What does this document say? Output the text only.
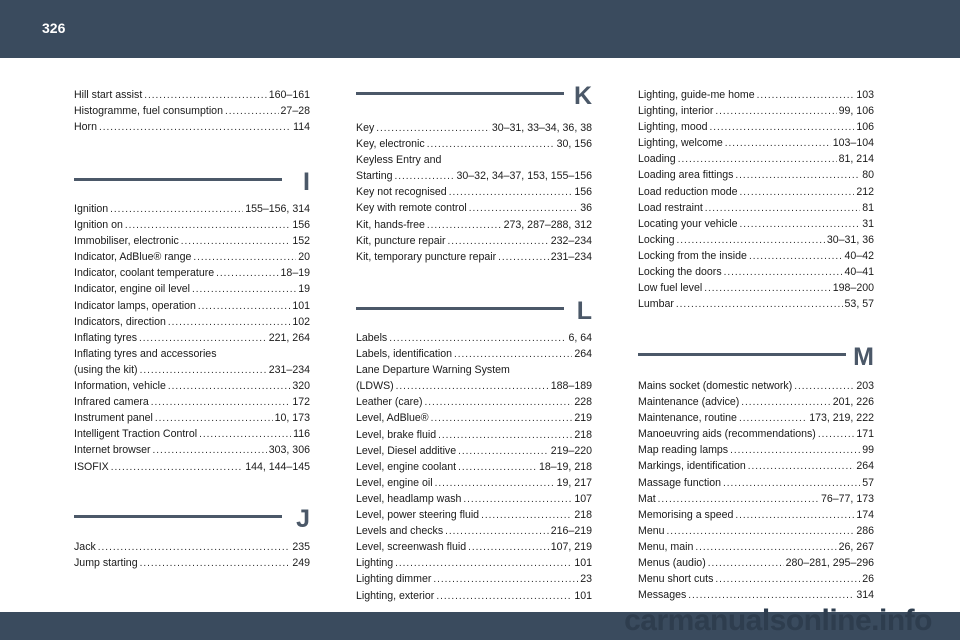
326
Hill start assist . . .	160–161
Histogramme, fuel consumption . . .	27–28
Horn . . .	114
I
Ignition . . .	155–156, 314
Ignition on . . .	156
Immobiliser, electronic . . .	152
Indicator, AdBlue® range . . .	20
Indicator, coolant temperature . . .	18–19
Indicator, engine oil level . . .	19
Indicator lamps, operation . . .	101
Indicators, direction . . .	102
Inflating tyres . . .	221, 264
Inflating tyres and accessories
(using the kit) . . .	231–234
Information, vehicle . . .	320
Infrared camera . . .	172
Instrument panel . . .	10, 173
Intelligent Traction Control . . .	116
Internet browser . . .	303, 306
ISOFIX . . .	144, 144–145
J
Jack . . .	235
Jump starting . . .	249
K
Key . . .	30–31, 33–34, 36, 38
Key, electronic . . .	30, 156
Keyless Entry and
Starting . . .	30–32, 34–37, 153, 155–156
Key not recognised . . .	156
Key with remote control . . .	36
Kit, hands-free . . .	273, 287–288, 312
Kit, puncture repair . . .	232–234
Kit, temporary puncture repair . . .	231–234
L
Labels . . .	6, 64
Labels, identification . . .	264
Lane Departure Warning System
(LDWS) . . .	188–189
Leather (care) . . .	228
Level, AdBlue® . . .	219
Level, brake fluid . . .	218
Level, Diesel additive . . .	219–220
Level, engine coolant . . .	18–19, 218
Level, engine oil . . .	19, 217
Level, headlamp wash . . .	107
Level, power steering fluid . . .	218
Levels and checks . . .	216–219
Level, screenwash fluid . . .	107, 219
Lighting . . .	101
Lighting dimmer . . .	23
Lighting, exterior . . .	101
Lighting, guide-me home . . .	103
Lighting, interior . . .	99, 106
Lighting, mood . . .	106
Lighting, welcome . . .	103–104
Loading . . .	81, 214
Loading area fittings . . .	80
Load reduction mode . . .	212
Load restraint . . .	81
Locating your vehicle . . .	31
Locking . . .	30–31, 36
Locking from the inside . . .	40–42
Locking the doors . . .	40–41
Low fuel level . . .	198–200
Lumbar . . .	53, 57
M
Mains socket (domestic network) . . .	203
Maintenance (advice) . . .	201, 226
Maintenance, routine . . .	173, 219, 222
Manoeuvring aids (recommendations) . . .	171
Map reading lamps . . .	99
Markings, identification . . .	264
Massage function . . .	57
Mat . . .	76–77, 173
Memorising a speed . . .	174
Menu . . .	286
Menu, main . . .	26, 267
Menus (audio) . . .	280–281, 295–296
Menu short cuts . . .	26
Messages . . .	314
carmanualsonline.info
